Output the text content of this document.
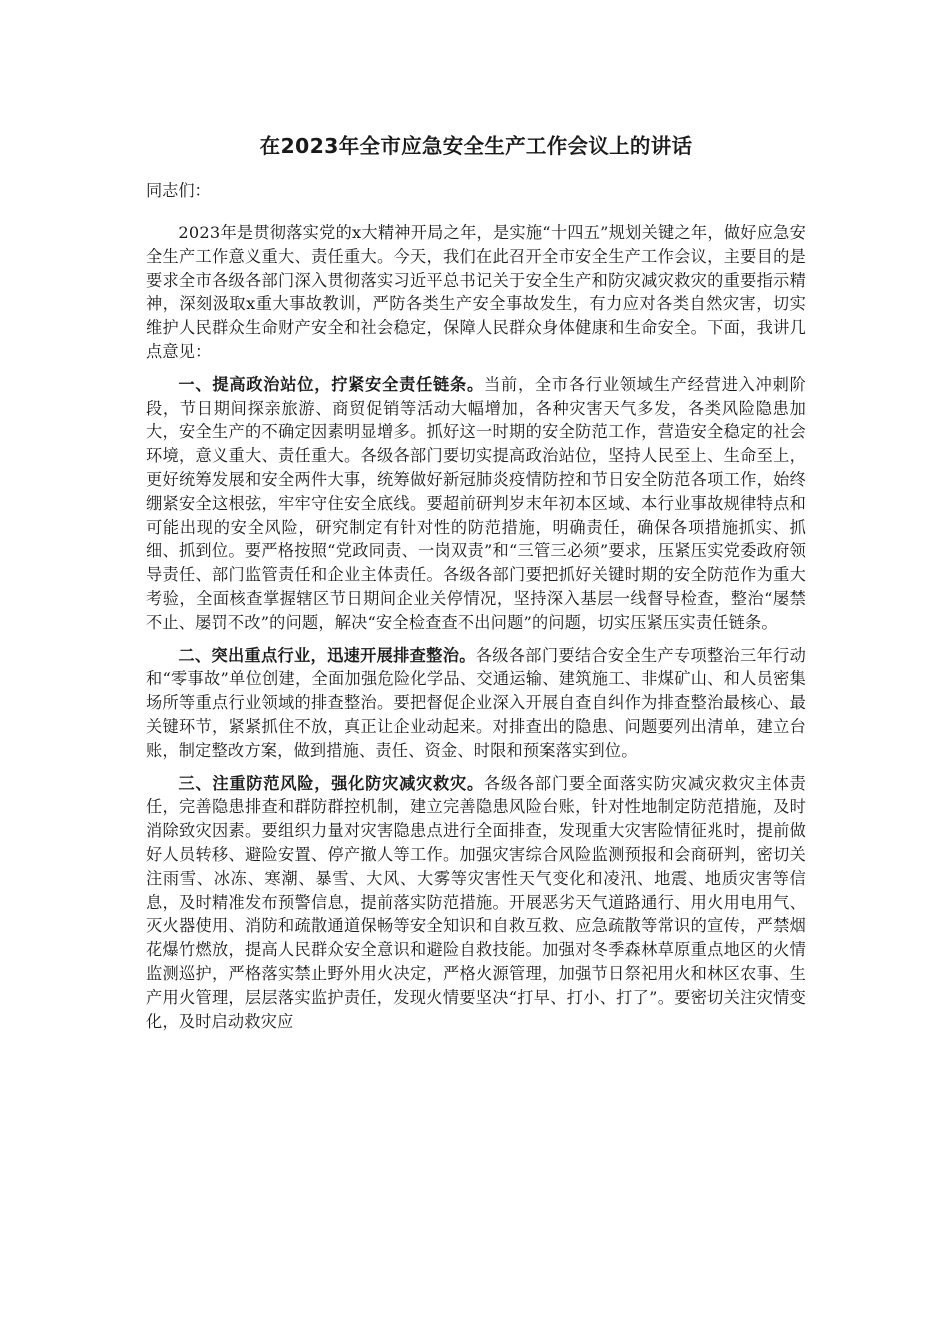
在2023年全市应急安全生产工作会议上的讲话
同志们：

2023年是贯彻落实党的x大精神开局之年，是实施“十四五”规划关键之年，做好应急安全生产工作意义重大、责任重大。今天，我们在此召开全市安全生产工作会议，主要目的是要求全市各级各部门深入贯彻落实习近平总书记关于安全生产和防灾减灾救灾的重要指示精神，深刻汲取x重大事故教训，严防各类生产安全事故发生，有力应对各类自然灾害，切实维护人民群众生命财产安全和社会稳定，保障人民群众身体健康和生命安全。下面，我讲几点意见：

一、提高政治站位，拧紧安全责任链条。当前，全市各行业领域生产经营进入冲刺阶段，节日期间探亲旅游、商贸促销等活动大幅增加，各种灾害天气多发，各类风险隐患加大，安全生产的不确定因素明显增多。抓好这一时期的安全防范工作，营造安全稳定的社会环境，意义重大、责任重大。各级各部门要切实提高政治站位，坚持人民至上、生命至上，更好统筹发展和安全两件大事，统筹做好新冠肺炎疫情防控和节日安全防范各项工作，始终绷紧安全这根弦，牢牢守住安全底线。要超前研判岁末年初本区域、本行业事故规律特点和可能出现的安全风险，研究制定有针对性的防范措施，明确责任，确保各项措施抓实、抓细、抓到位。要严格按照“党政同责、一岗双责”和“三管三必须”要求，压紧压实党委政府领导责任、部门监管责任和企业主体责任。各级各部门要把抓好关键时期的安全防范作为重大考验，全面核查掌握辖区节日期间企业关停情况，坚持深入基层一线督导检查，整治“屡禁不止、屡罚不改”的问题，解决“安全检查查不出问题”的问题，切实压紧压实责任链条。

二、突出重点行业，迅速开展排查整治。各级各部门要结合安全生产专项整治三年行动和“零事故”单位创建，全面加强危险化学品、交通运输、建筑施工、非煤矿山、和人员密集场所等重点行业领域的排查整治。要把督促企业深入开展自查自纠作为排查整治最核心、最关键环节，紧紧抓住不放，真正让企业动起来。对排查出的隐患、问题要列出清单，建立台账，制定整改方案，做到措施、责任、资金、时限和预案落实到位。

三、注重防范风险，强化防灾减灾救灾。各级各部门要全面落实防灾减灾救灾主体责任，完善隐患排查和群防群控机制，建立完善隐患风险台账，针对性地制定防范措施，及时消除致灾因素。要组织力量对灾害隐患点进行全面排查，发现重大灾害险情征兆时，提前做好人员转移、避险安置、停产撤人等工作。加强灾害综合风险监测预报和会商研判，密切关注雨雪、冰冻、寒潮、暴雪、大风、大雾等灾害性天气变化和凌汛、地震、地质灾害等信息，及时精准发布预警信息，提前落实防范措施。开展恶劣天气道路通行、用火用电用气、灭火器使用、消防和疏散通道保畅等安全知识和自救互救、应急疏散等常识的宣传，严禁烟花爆竹燃放，提高人民群众安全意识和避险自救技能。加强对冬季森林草原重点地区的火情监测巡护，严格落实禁止野外用火决定，严格火源管理，加强节日祭祀用火和林区农事、生产用火管理，层层落实监护责任，发现火情要坚决“打早、打小、打了”。要密切关注灾情变化，及时启动救灾应
